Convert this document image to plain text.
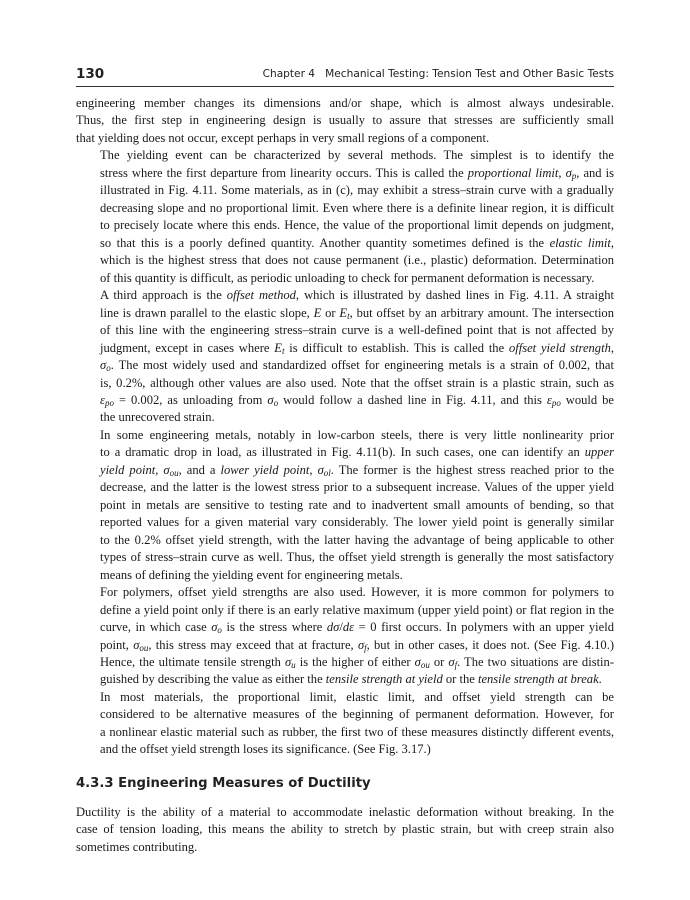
130	Chapter 4   Mechanical Testing: Tension Test and Other Basic Tests

engineering member changes its dimensions and/or shape, which is almost always undesirable.
Thus, the first step in engineering design is usually to assure that stresses are sufficiently small
that yielding does not occur, except perhaps in very small regions of a component.

The yielding event can be characterized by several methods. The simplest is to identify the
stress where the first departure from linearity occurs. This is called the proportional limit, $\sigma_p$, and is
illustrated in Fig. 4.11. Some materials, as in (c), may exhibit a stress–strain curve with a gradually
decreasing slope and no proportional limit. Even where there is a definite linear region, it is difficult
to precisely locate where this ends. Hence, the value of the proportional limit depends on judgment,
so that this is a poorly defined quantity. Another quantity sometimes defined is the elastic limit,
which is the highest stress that does not cause permanent (i.e., plastic) deformation. Determination
of this quantity is difficult, as periodic unloading to check for permanent deformation is necessary.

A third approach is the offset method, which is illustrated by dashed lines in Fig. 4.11. A straight
line is drawn parallel to the elastic slope, E or $E_t$, but offset by an arbitrary amount. The intersection
of this line with the engineering stress–strain curve is a well-defined point that is not affected by
judgment, except in cases where $E_t$ is difficult to establish. This is called the offset yield strength,
$\sigma_o$. The most widely used and standardized offset for engineering metals is a strain of 0.002, that
is, 0.2%, although other values are also used. Note that the offset strain is a plastic strain, such as
$\varepsilon_{po} = 0.002$, as unloading from $\sigma_o$ would follow a dashed line in Fig. 4.11, and this $\varepsilon_{po}$ would be
the unrecovered strain.

In some engineering metals, notably in low-carbon steels, there is very little nonlinearity prior
to a dramatic drop in load, as illustrated in Fig. 4.11(b). In such cases, one can identify an upper
yield point, $\sigma_{ou}$, and a lower yield point, $\sigma_{ol}$. The former is the highest stress reached prior to the
decrease, and the latter is the lowest stress prior to a subsequent increase. Values of the upper yield
point in metals are sensitive to testing rate and to inadvertent small amounts of bending, so that
reported values for a given material vary considerably. The lower yield point is generally similar
to the 0.2% offset yield strength, with the latter having the advantage of being applicable to other
types of stress–strain curve as well. Thus, the offset yield strength is generally the most satisfactory
means of defining the yielding event for engineering metals.

For polymers, offset yield strengths are also used. However, it is more common for polymers to
define a yield point only if there is an early relative maximum (upper yield point) or flat region in the
curve, in which case $\sigma_o$ is the stress where dσ/dε = 0 first occurs. In polymers with an upper yield
point, $\sigma_{ou}$, this stress may exceed that at fracture, $\sigma_f$, but in other cases, it does not. (See Fig. 4.10.)
Hence, the ultimate tensile strength $\sigma_u$ is the higher of either $\sigma_{ou}$ or $\sigma_f$. The two situations are distin-
guished by describing the value as either the tensile strength at yield or the tensile strength at break.

In most materials, the proportional limit, elastic limit, and offset yield strength can be
considered to be alternative measures of the beginning of permanent deformation. However, for
a nonlinear elastic material such as rubber, the first two of these measures distinctly different events,
and the offset yield strength loses its significance. (See Fig. 3.17.)

4.3.3 Engineering Measures of Ductility

Ductility is the ability of a material to accommodate inelastic deformation without breaking. In the
case of tension loading, this means the ability to stretch by plastic strain, but with creep strain also
sometimes contributing.
